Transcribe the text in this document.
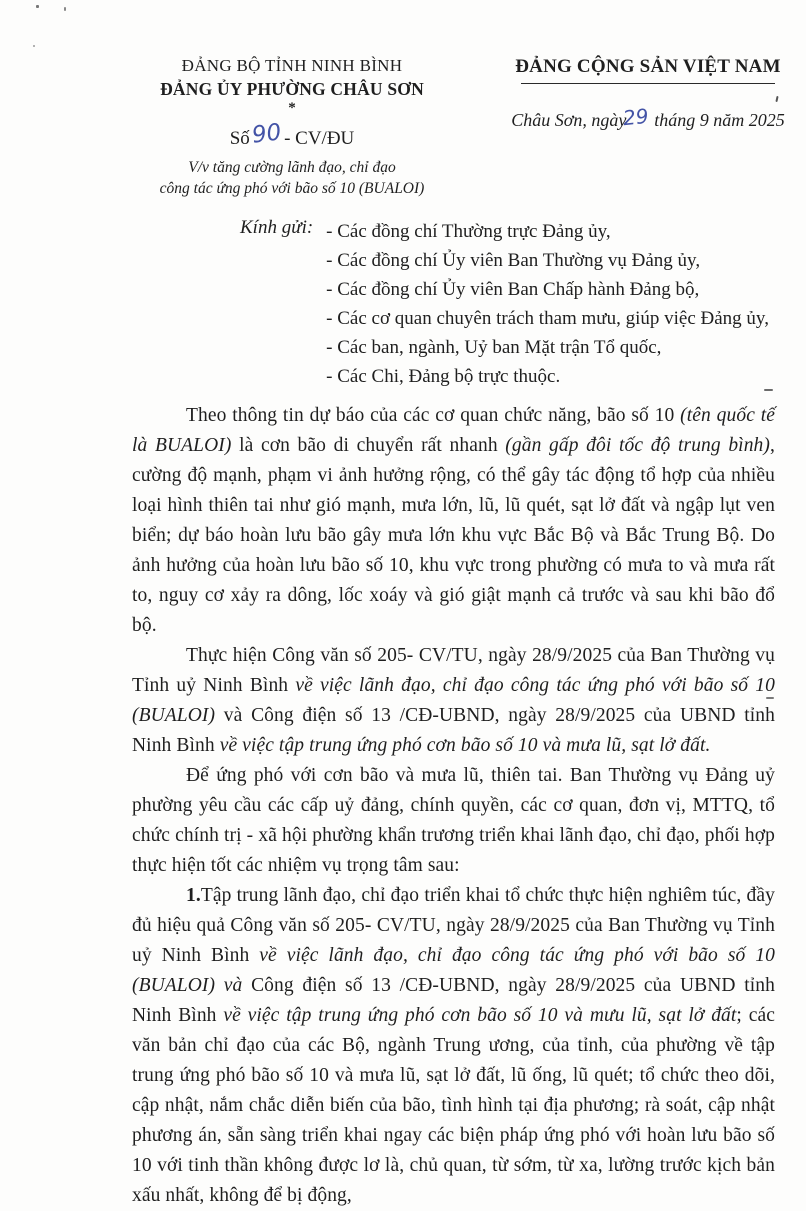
ĐẢNG BỘ TỈNH NINH BÌNH
ĐẢNG ỦY PHƯỜNG CHÂU SƠN
*
Số90- CV/ĐU
V/v tăng cường lãnh đạo, chỉ đạo
công tác ứng phó với bão số 10 (BUALOI)
ĐẢNG CỘNG SẢN VIỆT NAM
Châu Sơn, ngày29 tháng 9 năm 2025
Kính gửi: - Các đồng chí Thường trực Đảng ủy,
- Các đồng chí Ủy viên Ban Thường vụ Đảng ủy,
- Các đồng chí Ủy viên Ban Chấp hành Đảng bộ,
- Các cơ quan chuyên trách tham mưu, giúp việc Đảng ủy,
- Các ban, ngành, Uỷ ban Mặt trận Tổ quốc,
- Các Chi, Đảng bộ trực thuộc.

Theo thông tin dự báo của các cơ quan chức năng, bão số 10 (tên quốc tế là BUALOI) là cơn bão di chuyển rất nhanh (gần gấp đôi tốc độ trung bình), cường độ mạnh, phạm vi ảnh hưởng rộng, có thể gây tác động tổ hợp của nhiều loại hình thiên tai như gió mạnh, mưa lớn, lũ, lũ quét, sạt lở đất và ngập lụt ven biển; dự báo hoàn lưu bão gây mưa lớn khu vực Bắc Bộ và Bắc Trung Bộ. Do ảnh hưởng của hoàn lưu bão số 10, khu vực trong phường có mưa to và mưa rất to, nguy cơ xảy ra dông, lốc xoáy và gió giật mạnh cả trước và sau khi bão đổ bộ.

Thực hiện Công văn số 205- CV/TU, ngày 28/9/2025 của Ban Thường vụ Tỉnh uỷ Ninh Bình về việc lãnh đạo, chỉ đạo công tác ứng phó với bão số 10 (BUALOI) và Công điện số 13 /CĐ-UBND, ngày 28/9/2025 của UBND tỉnh Ninh Bình về việc tập trung ứng phó cơn bão số 10 và mưa lũ, sạt lở đất.

Để ứng phó với cơn bão và mưa lũ, thiên tai. Ban Thường vụ Đảng uỷ phường yêu cầu các cấp uỷ đảng, chính quyền, các cơ quan, đơn vị, MTTQ, tổ chức chính trị - xã hội phường khẩn trương triển khai lãnh đạo, chỉ đạo, phối hợp thực hiện tốt các nhiệm vụ trọng tâm sau:

1.Tập trung lãnh đạo, chỉ đạo triển khai tổ chức thực hiện nghiêm túc, đầy đủ hiệu quả Công văn số 205- CV/TU, ngày 28/9/2025 của Ban Thường vụ Tỉnh uỷ Ninh Bình về việc lãnh đạo, chỉ đạo công tác ứng phó với bão số 10 (BUALOI) và Công điện số 13 /CĐ-UBND, ngày 28/9/2025 của UBND tỉnh Ninh Bình về việc tập trung ứng phó cơn bão số 10 và mưu lũ, sạt lở đất; các văn bản chỉ đạo của các Bộ, ngành Trung ương, của tỉnh, của phường về tập trung ứng phó bão số 10 và mưa lũ, sạt lở đất, lũ ống, lũ quét; tổ chức theo dõi, cập nhật, nắm chắc diễn biến của bão, tình hình tại địa phương; rà soát, cập nhật phương án, sẵn sàng triển khai ngay các biện pháp ứng phó với hoàn lưu bão số 10 với tinh thần không được lơ là, chủ quan, từ sớm, từ xa, lường trước kịch bản xấu nhất, không để bị động,
